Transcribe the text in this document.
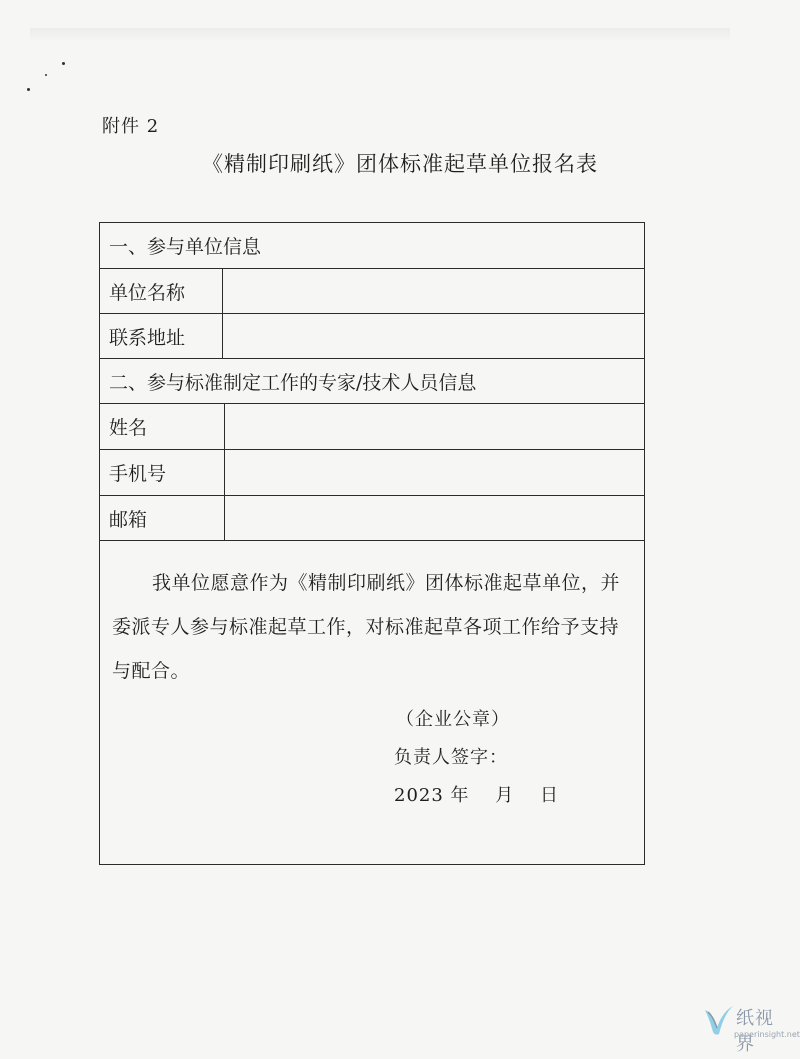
附件 2
《精制印刷纸》团体标准起草单位报名表
一、参与单位信息
单位名称
联系地址
二、参与标准制定工作的专家/技术人员信息
姓名
手机号
邮箱
我单位愿意作为《精制印刷纸》团体标准起草单位，并委派专人参与标准起草工作，对标准起草各项工作给予支持与配合。
（企业公章）
负责人签字：
2023 年　 月　 日
纸视界
paperinsight.net
